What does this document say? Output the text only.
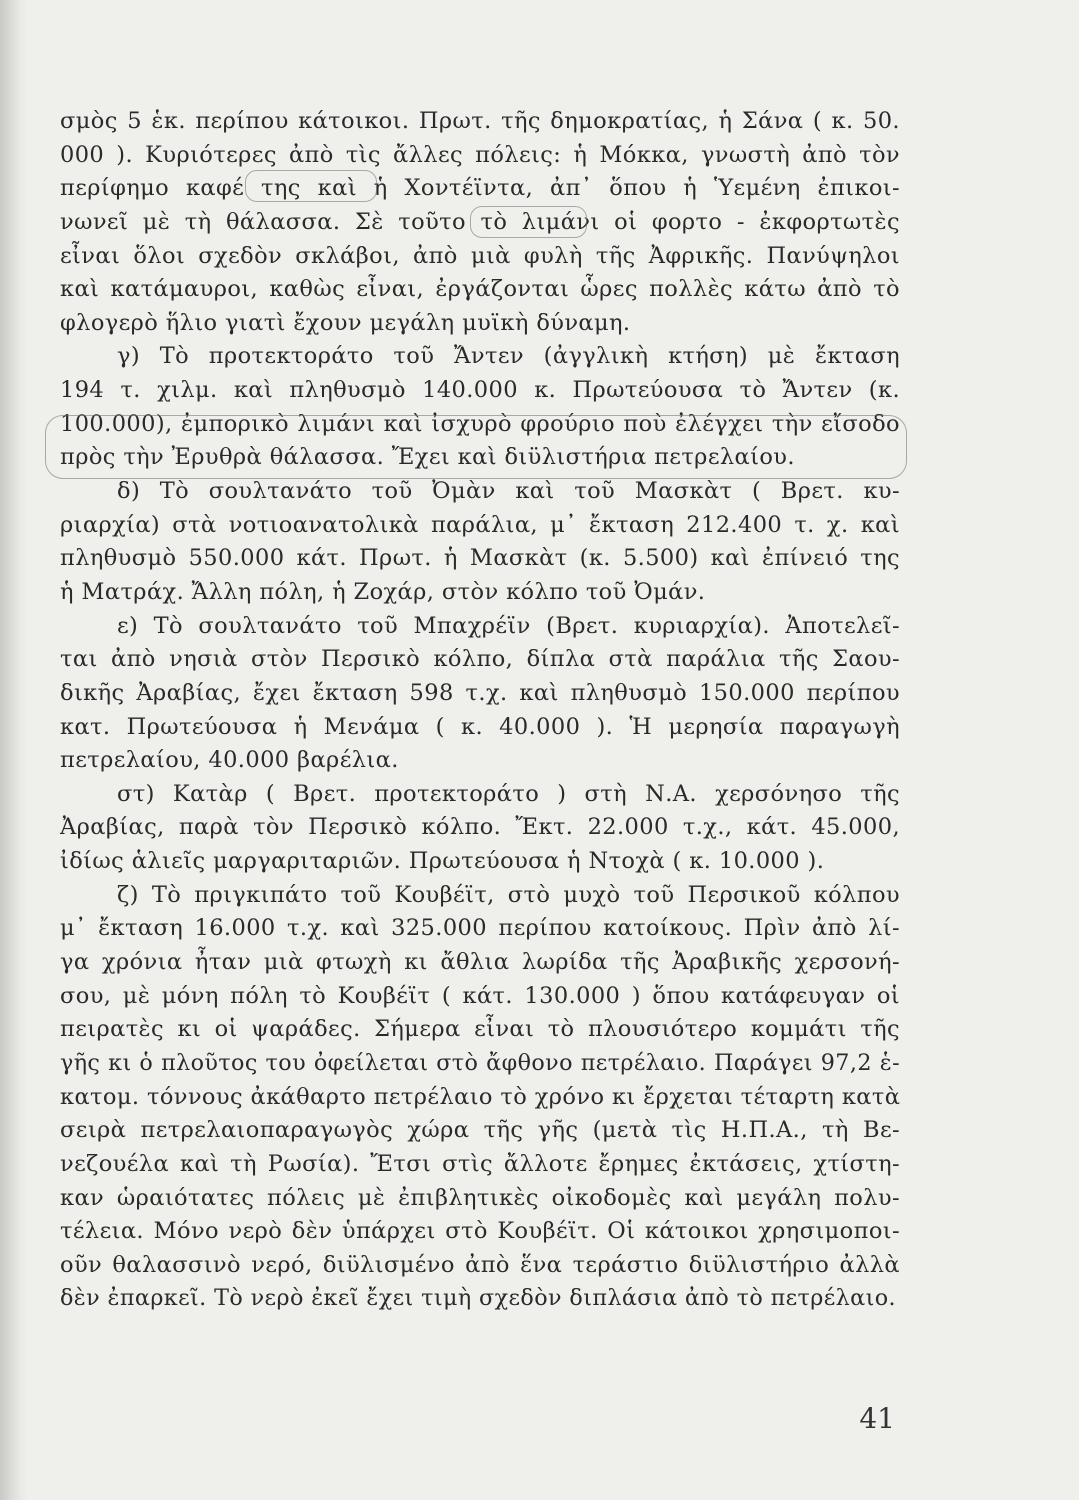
σμὸς 5 ἑκ. περίπου κάτοικοι. Πρωτ. τῆς δημοκρατίας, ἡ Σάνα ( κ. 50.
000 ). Κυριότερες ἀπὸ τὶς ἄλλες πόλεις: ἡ Μόκκα, γνωστὴ ἀπὸ τὸν
περίφημο καφέ της καὶ ἡ Χοντέϊντα, ἀπ᾽ ὅπου ἡ Ὑεμένη ἐπικοι-
νωνεῖ μὲ τὴ θάλασσα. Σὲ τοῦτο τὸ λιμάνι οἱ φορτο - ἐκφορτωτὲς
εἶναι ὅλοι σχεδὸν σκλάβοι, ἀπὸ μιὰ φυλὴ τῆς Ἀφρικῆς. Πανύψηλοι
καὶ κατάμαυροι, καθὼς εἶναι, ἐργάζονται ὧρες πολλὲς κάτω ἀπὸ τὸ
φλογερὸ ἥλιο γιατὶ ἔχουν μεγάλη μυϊκὴ δύναμη.
γ) Τὸ προτεκτοράτο τοῦ Ἄντεν (ἀγγλικὴ κτήση) μὲ ἔκταση
194 τ. χιλμ. καὶ πληθυσμὸ 140.000 κ. Πρωτεύουσα τὸ Ἄντεν (κ.
100.000), ἐμπορικὸ λιμάνι καὶ ἰσχυρὸ φρούριο ποὺ ἐλέγχει τὴν εἴσοδο
πρὸς τὴν Ἐρυθρὰ θάλασσα. Ἔχει καὶ διϋλιστήρια πετρελαίου.
δ) Τὸ σουλτανάτο τοῦ Ὀμὰν καὶ τοῦ Μασκὰτ ( Βρετ. κυ-
ριαρχία) στὰ νοτιοανατολικὰ παράλια, μ᾽ ἔκταση 212.400 τ. χ. καὶ
πληθυσμὸ 550.000 κάτ. Πρωτ. ἡ Μασκὰτ (κ. 5.500) καὶ ἐπίνειό της
ἡ Ματράχ. Ἄλλη πόλη, ἡ Ζοχάρ, στὸν κόλπο τοῦ Ὀμάν.
ε) Τὸ σουλτανάτο τοῦ Μπαχρέϊν (Βρετ. κυριαρχία). Ἀποτελεῖ-
ται ἀπὸ νησιὰ στὸν Περσικὸ κόλπο, δίπλα στὰ παράλια τῆς Σαου-
δικῆς Ἀραβίας, ἔχει ἔκταση 598 τ.χ. καὶ πληθυσμὸ 150.000 περίπου
κατ. Πρωτεύουσα ἡ Μενάμα ( κ. 40.000 ). Ἡ μερησία παραγωγὴ
πετρελαίου, 40.000 βαρέλια.
στ) Κατὰρ ( Βρετ. προτεκτοράτο ) στὴ Ν.Α. χερσόνησο τῆς
Ἀραβίας, παρὰ τὸν Περσικὸ κόλπο. Ἔκτ. 22.000 τ.χ., κάτ. 45.000,
ἰδίως ἁλιεῖς μαργαριταριῶν. Πρωτεύουσα ἡ Ντοχὰ ( κ. 10.000 ).
ζ) Τὸ πριγκιπάτο τοῦ Κουβέϊτ, στὸ μυχὸ τοῦ Περσικοῦ κόλπου
μ᾽ ἔκταση 16.000 τ.χ. καὶ 325.000 περίπου κατοίκους. Πρὶν ἀπὸ λί-
γα χρόνια ἦταν μιὰ φτωχὴ κι ἄθλια λωρίδα τῆς Ἀραβικῆς χερσονή-
σου, μὲ μόνη πόλη τὸ Κουβέϊτ ( κάτ. 130.000 ) ὅπου κατάφευγαν οἱ
πειρατὲς κι οἱ ψαράδες. Σήμερα εἶναι τὸ πλουσιότερο κομμάτι τῆς
γῆς κι ὁ πλοῦτος του ὀφείλεται στὸ ἄφθονο πετρέλαιο. Παράγει 97,2 ἑ-
κατομ. τόννους ἀκάθαρτο πετρέλαιο τὸ χρόνο κι ἔρχεται τέταρτη κατὰ
σειρὰ πετρελαιοπαραγωγὸς χώρα τῆς γῆς (μετὰ τὶς Η.Π.Α., τὴ Βε-
νεζουέλα καὶ τὴ Ρωσία). Ἔτσι στὶς ἄλλοτε ἔρημες ἐκτάσεις, χτίστη-
καν ὡραιότατες πόλεις μὲ ἐπιβλητικὲς οἰκοδομὲς καὶ μεγάλη πολυ-
τέλεια. Μόνο νερὸ δὲν ὑπάρχει στὸ Κουβέϊτ. Οἱ κάτοικοι χρησιμοποι-
οῦν θαλασσινὸ νερό, διϋλισμένο ἀπὸ ἕνα τεράστιο διϋλιστήριο ἀλλὰ
δὲν ἐπαρκεῖ. Τὸ νερὸ ἐκεῖ ἔχει τιμὴ σχεδὸν διπλάσια ἀπὸ τὸ πετρέλαιο.
41
